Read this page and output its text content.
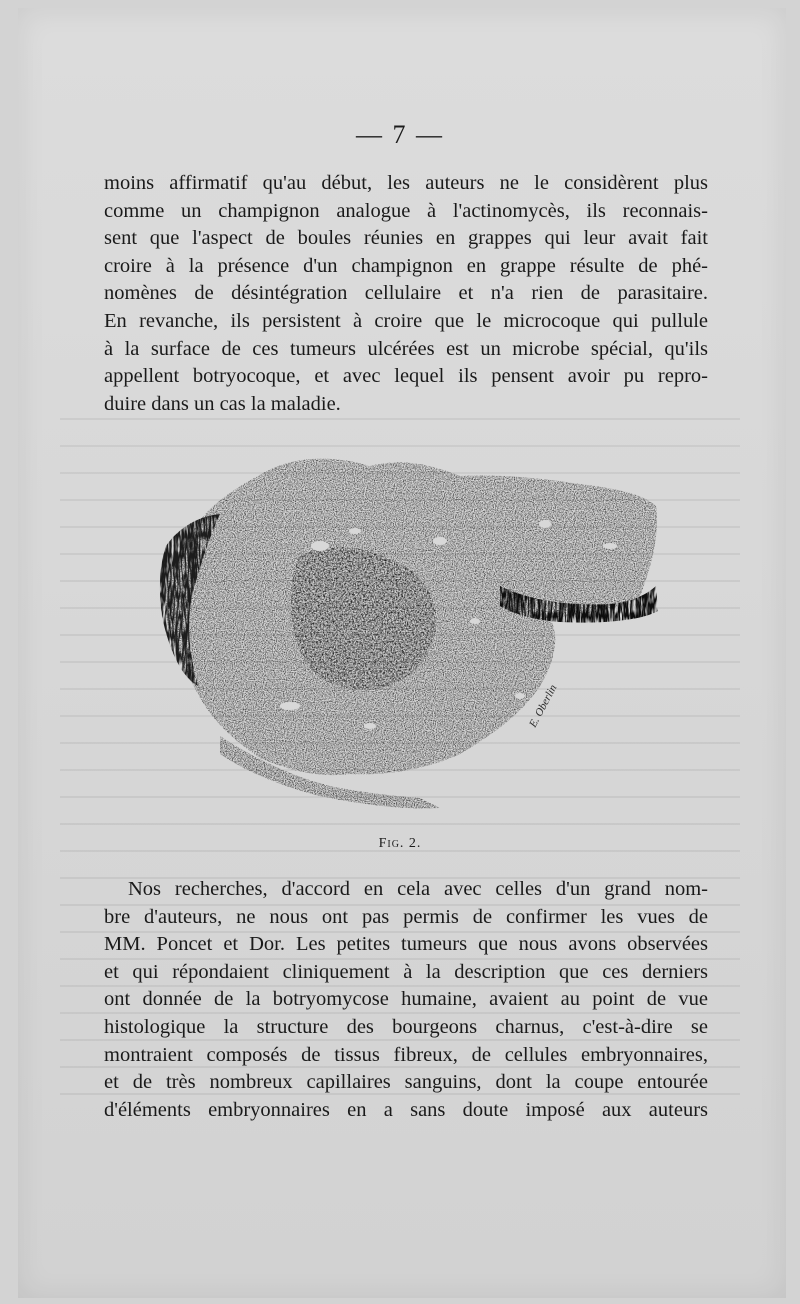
— 7 —
moins affirmatif qu'au début, les auteurs ne le considèrent plus
comme un champignon analogue à l'actinomycès, ils reconnais-
sent que l'aspect de boules réunies en grappes qui leur avait fait
croire à la présence d'un champignon en grappe résulte de phé-
nomènes de désintégration cellulaire et n'a rien de parasitaire.
En revanche, ils persistent à croire que le microcoque qui pullule
à la surface de ces tumeurs ulcérées est un microbe spécial, qu'ils
appellent botryocoque, et avec lequel ils pensent avoir pu repro-
duire dans un cas la maladie.
E. Oberlin
Fig. 2.
Nos recherches, d'accord en cela avec celles d'un grand nom-
bre d'auteurs, ne nous ont pas permis de confirmer les vues de
MM. Poncet et Dor. Les petites tumeurs que nous avons observées
et qui répondaient cliniquement à la description que ces derniers
ont donnée de la botryomycose humaine, avaient au point de vue
histologique la structure des bourgeons charnus, c'est-à-dire se
montraient composés de tissus fibreux, de cellules embryonnaires,
et de très nombreux capillaires sanguins, dont la coupe entourée
d'éléments embryonnaires en a sans doute imposé aux auteurs
